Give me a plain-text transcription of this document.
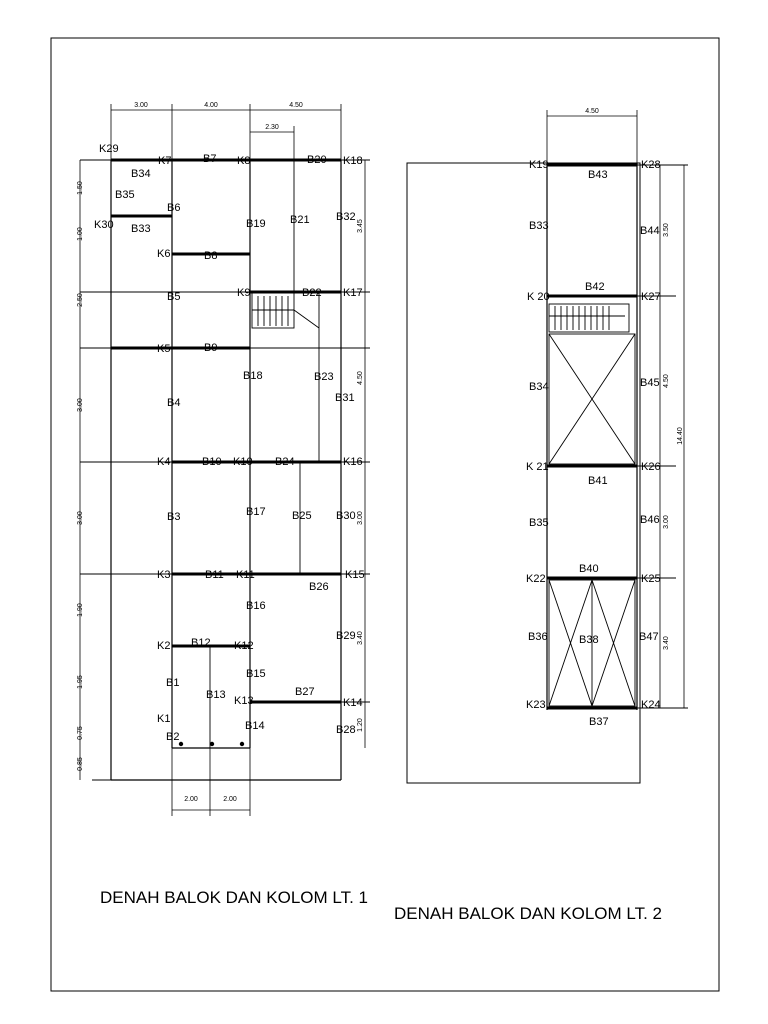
3.00	4.00	4.50
2.30
2.00	2.00
1.50
1.00
2.50
3.00
3.00
1.90
1.95
0.75
0.85
3.45
4.50
3.00
3.40
1.20
K29
K30
K7	K8	K18
K6
K9	K17
K5
K4	K10	K16
K3	K11	K15
K2	K12
K1
K13	K14
B34
B35
B33
B7	B20
B6
B19 B21 B32
B8
B22
B5
B9
B18	B23
B31
B4
B10	B24
B3	B17 B25 B30
B11
B26
B16
B12
B29
B1
B13
B15
B27
B2
B14	B28
DENAH BALOK DAN KOLOM LT. 1
4.50
3.50
4.50
3.00
3.40
14.40
K19	K28
K 20	K27
K 21	K26
K22	K25
K23	K24
B43
B33	B44
B42
B34	B45
B41
B35	B46
B40
B36	B38	B47
B37
DENAH BALOK DAN KOLOM LT. 2
